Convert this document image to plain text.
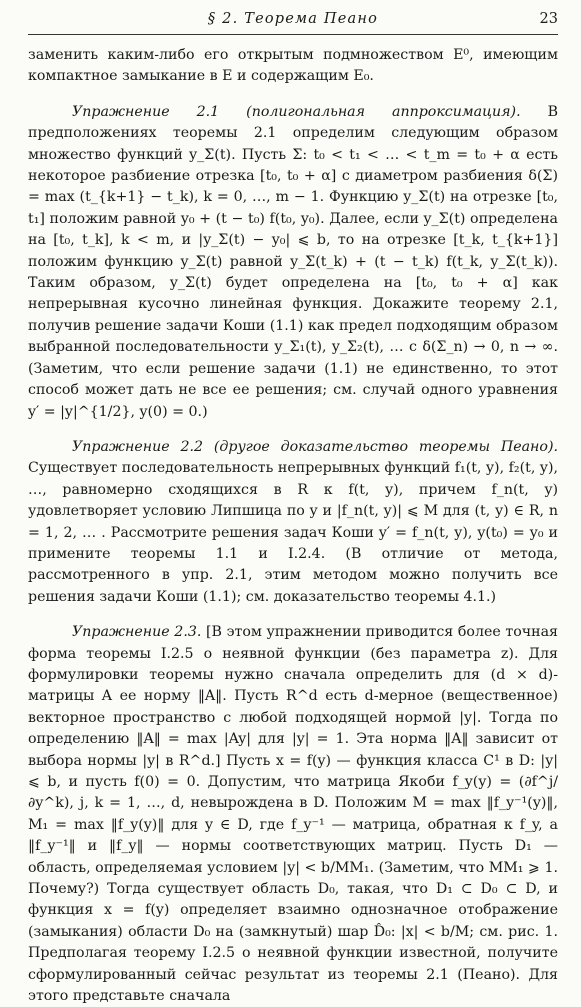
§ 2. Теорема Пеано	23

заменить каким-либо его открытым подмножеством E⁰, имеющим компактное замыкание в E и содержащим E₀.

Упражнение 2.1 (полигональная аппроксимация). В предположениях теоремы 2.1 определим следующим образом множество функций y_Σ(t). Пусть Σ: t₀ < t₁ < … < t_m = t₀ + α есть некоторое разбиение отрезка [t₀, t₀ + α] с диаметром разбиения δ(Σ) = max (t_{k+1} − t_k), k = 0, …, m − 1. Функцию y_Σ(t) на отрезке [t₀, t₁] положим равной y₀ + (t − t₀) f(t₀, y₀). Далее, если y_Σ(t) определена на [t₀, t_k], k < m, и |y_Σ(t) − y₀| ⩽ b, то на отрезке [t_k, t_{k+1}] положим функцию y_Σ(t) равной y_Σ(t_k) + (t − t_k) f(t_k, y_Σ(t_k)). Таким образом, y_Σ(t) будет определена на [t₀, t₀ + α] как непрерывная кусочно линейная функция. Докажите теорему 2.1, получив решение задачи Коши (1.1) как предел подходящим образом выбранной последовательности y_Σ₁(t), y_Σ₂(t), … с δ(Σ_n) → 0, n → ∞. (Заметим, что если решение задачи (1.1) не единственно, то этот способ может дать не все ее решения; см. случай одного уравнения y′ = |y|^{1/2}, y(0) = 0.)

Упражнение 2.2 (другое доказательство теоремы Пеано). Существует последовательность непрерывных функций f₁(t, y), f₂(t, y), …, равномерно сходящихся в R к f(t, y), причем f_n(t, y) удовлетворяет условию Липшица по y и |f_n(t, y)| ⩽ M для (t, y) ∈ R, n = 1, 2, … . Рассмотрите решения задач Коши y′ = f_n(t, y), y(t₀) = y₀ и примените теоремы 1.1 и I.2.4. (В отличие от метода, рассмотренного в упр. 2.1, этим методом можно получить все решения задачи Коши (1.1); см. доказательство теоремы 4.1.)

Упражнение 2.3. [В этом упражнении приводится более точная форма теоремы I.2.5 о неявной функции (без параметра z). Для формулировки теоремы нужно сначала определить для (d × d)-матрицы A ее норму ‖A‖. Пусть R^d есть d-мерное (вещественное) векторное пространство с любой подходящей нормой |y|. Тогда по определению ‖A‖ = max |Ay| для |y| = 1. Эта норма ‖A‖ зависит от выбора нормы |y| в R^d.] Пусть x = f(y) — функция класса C¹ в D: |y| ⩽ b, и пусть f(0) = 0. Допустим, что матрица Якоби f_y(y) = (∂f^j/∂y^k), j, k = 1, …, d, невырождена в D. Положим M = max ‖f_y⁻¹(y)‖, M₁ = max ‖f_y(y)‖ для y ∈ D, где f_y⁻¹ — матрица, обратная к f_y, а ‖f_y⁻¹‖ и ‖f_y‖ — нормы соответствующих матриц. Пусть D₁ — область, определяемая условием |y| < b/MM₁. (Заметим, что MM₁ ⩾ 1. Почему?) Тогда существует область D₀, такая, что D₁ ⊂ D₀ ⊂ D, и функция x = f(y) определяет взаимно однозначное отображение (замыкания) области D₀ на (замкнутый) шар D̂₀: |x| < b/M; см. рис. 1. Предполагая теорему I.2.5 о неявной функции известной, получите сформулированный сейчас результат из теоремы 2.1 (Пеано). Для этого представьте сначала
